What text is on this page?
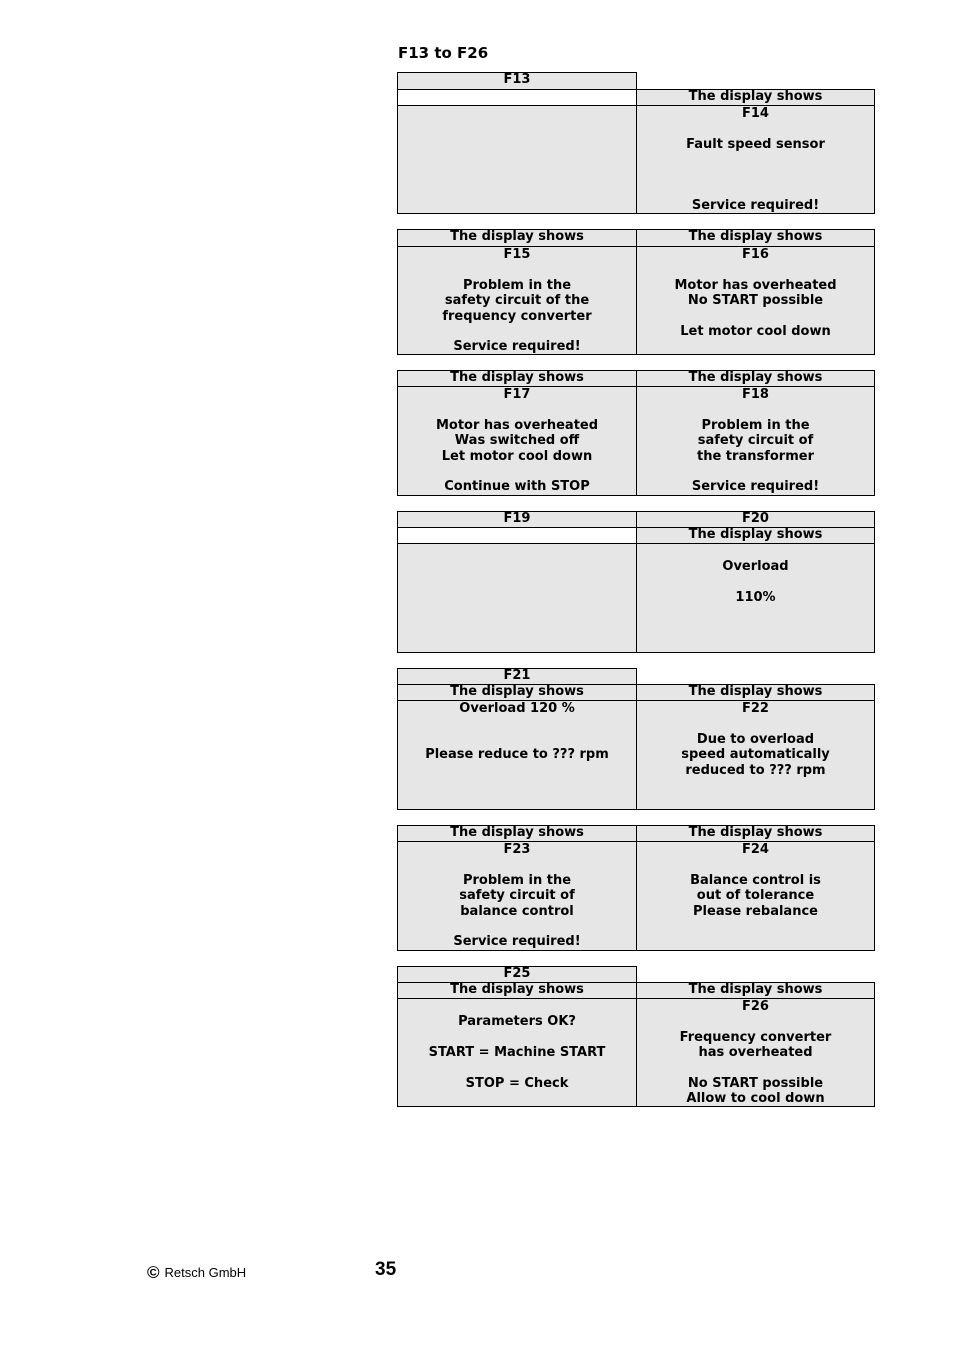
F13 to F26
F13
The display shows
F14

Fault speed sensor

Service required!
The display shows
F15

Problem in the
safety circuit of the
frequency converter

Service required!
The display shows
F16

Motor has overheated
No START possible

Let motor cool down
The display shows
F17

Motor has overheated
Was switched off
Let motor cool down

Continue with STOP
The display shows
F18

Problem in the
safety circuit of
the transformer

Service required!
F19	F20
The display shows

Overload

110%
F21
The display shows
Overload 120 %

Please reduce to ??? rpm
The display shows
F22

Due to overload
speed automatically
reduced to ??? rpm
The display shows
F23

Problem in the
safety circuit of
balance control

Service required!
The display shows
F24

Balance control is
out of tolerance
Please rebalance
F25
The display shows

Parameters OK?

START = Machine START

STOP = Check
The display shows
F26

Frequency converter
has overheated

No START possible
Allow to cool down
© Retsch GmbH	35
